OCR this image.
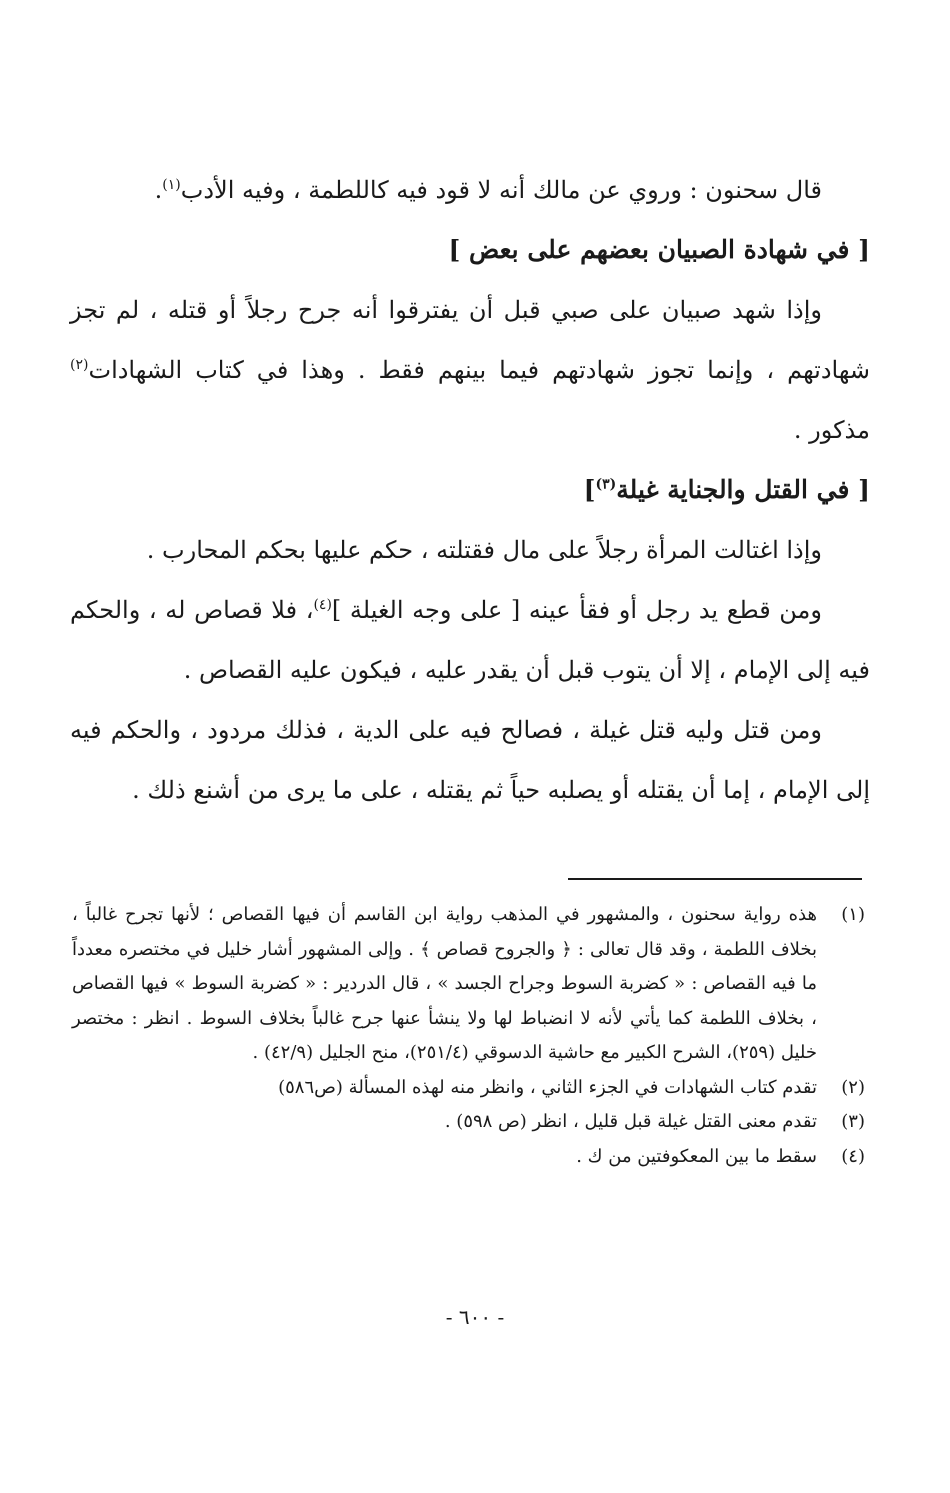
قال سحنون : وروي عن مالك أنه لا قود فيه كاللطمة ، وفيه الأدب$^{(١)}$.

[ في شهادة الصبيان بعضهم على بعض ]

وإذا شهد صبيان على صبي قبل أن يفترقوا أنه جرح رجلاً أو قتله ، لم تجز شهادتهم ، وإنما تجوز شهادتهم فيما بينهم فقط . وهذا في كتاب الشهادات$^{(٢)}$ مذكور .

[ في القتل والجناية غيلة$^{(٣)}$]

وإذا اغتالت المرأة رجلاً على مال فقتلته ، حكم عليها بحكم المحارب .

ومن قطع يد رجل أو فقأ عينه [ على وجه الغيلة ]$^{(٤)}$، فلا قصاص له ، والحكم فيه إلى الإمام ، إلا أن يتوب قبل أن يقدر عليه ، فيكون عليه القصاص .

ومن قتل وليه قتل غيلة ، فصالح فيه على الدية ، فذلك مردود ، والحكم فيه إلى الإمام ، إما أن يقتله أو يصلبه حياً ثم يقتله ، على ما يرى من أشنع ذلك .

(١)
هذه رواية سحنون ، والمشهور في المذهب رواية ابن القاسم أن فيها القصاص ؛ لأنها تجرح غالباً ، بخلاف اللطمة ، وقد قال تعالى : ﴿ والجروح قصاص ﴾ . وإلى المشهور أشار خليل في مختصره معدداً ما فيه القصاص : « كضربة السوط وجراح الجسد » ، قال الدردير : « كضربة السوط » فيها القصاص ، بخلاف اللطمة كما يأتي لأنه لا انضباط لها ولا ينشأ عنها جرح غالباً بخلاف السوط . انظر : مختصر خليل (٢٥٩)، الشرح الكبير مع حاشية الدسوقي (٢٥١/٤)، منح الجليل (٤٢/٩) .
(٢)
تقدم كتاب الشهادات في الجزء الثاني ، وانظر منه لهذه المسألة (ص٥٨٦)
(٣)
تقدم معنى القتل غيلة قبل قليل ، انظر (ص ٥٩٨) .
(٤)
سقط ما بين المعكوفتين من ك .
- ٦٠٠ -
